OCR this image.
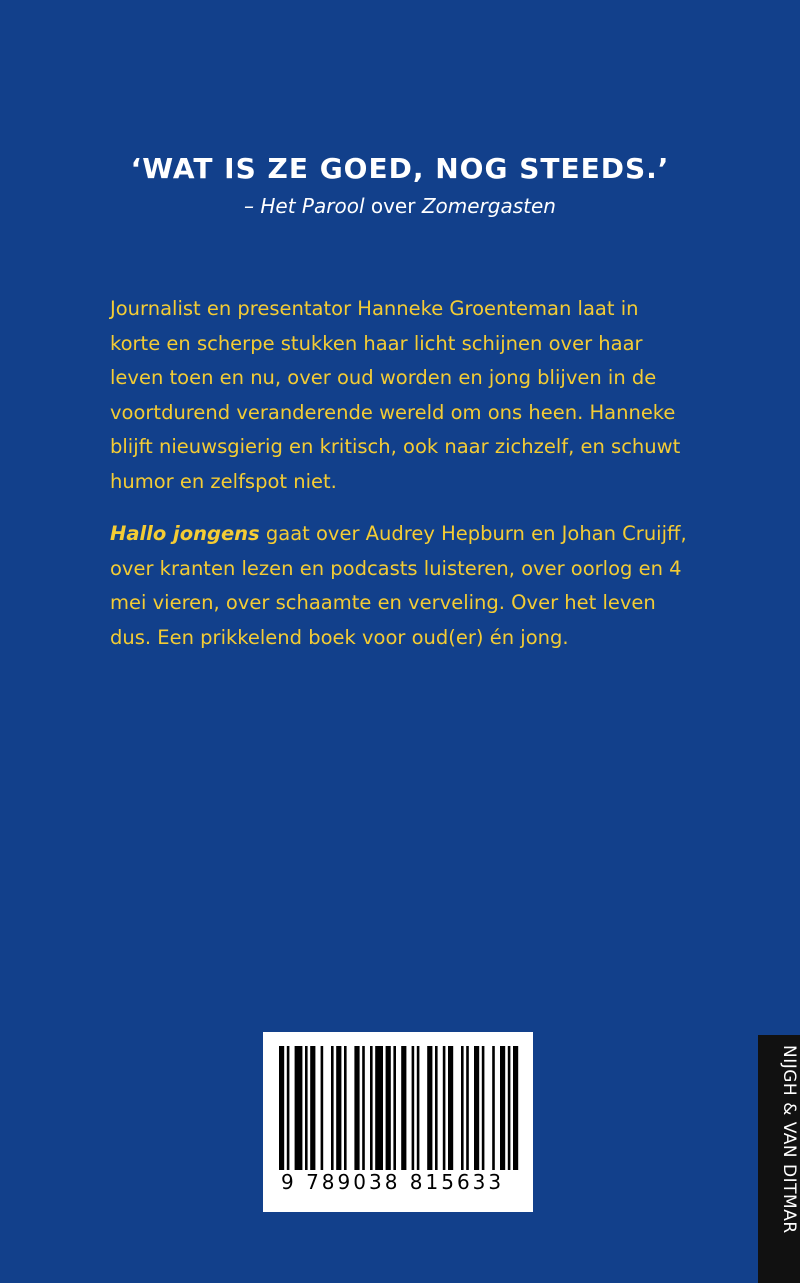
‘WAT IS ZE GOED, NOG STEEDS.’

– Het Parool over Zomergasten

Journalist en presentator Hanneke Groenteman laat in korte en scherpe stukken haar licht schijnen over haar leven toen en nu, over oud worden en jong blijven in de voortdurend veranderende wereld om ons heen. Hanneke blijft nieuwsgierig en kritisch, ook naar zichzelf, en schuwt humor en zelfspot niet.

Hallo jongens gaat over Audrey Hepburn en Johan Cruijff, over kranten lezen en podcasts luisteren, over oorlog en 4 mei vieren, over schaamte en verveling. Over het leven dus. Een prikkelend boek voor oud(er) én jong.

9 789038 815633	NIJGH & VAN DITMAR
